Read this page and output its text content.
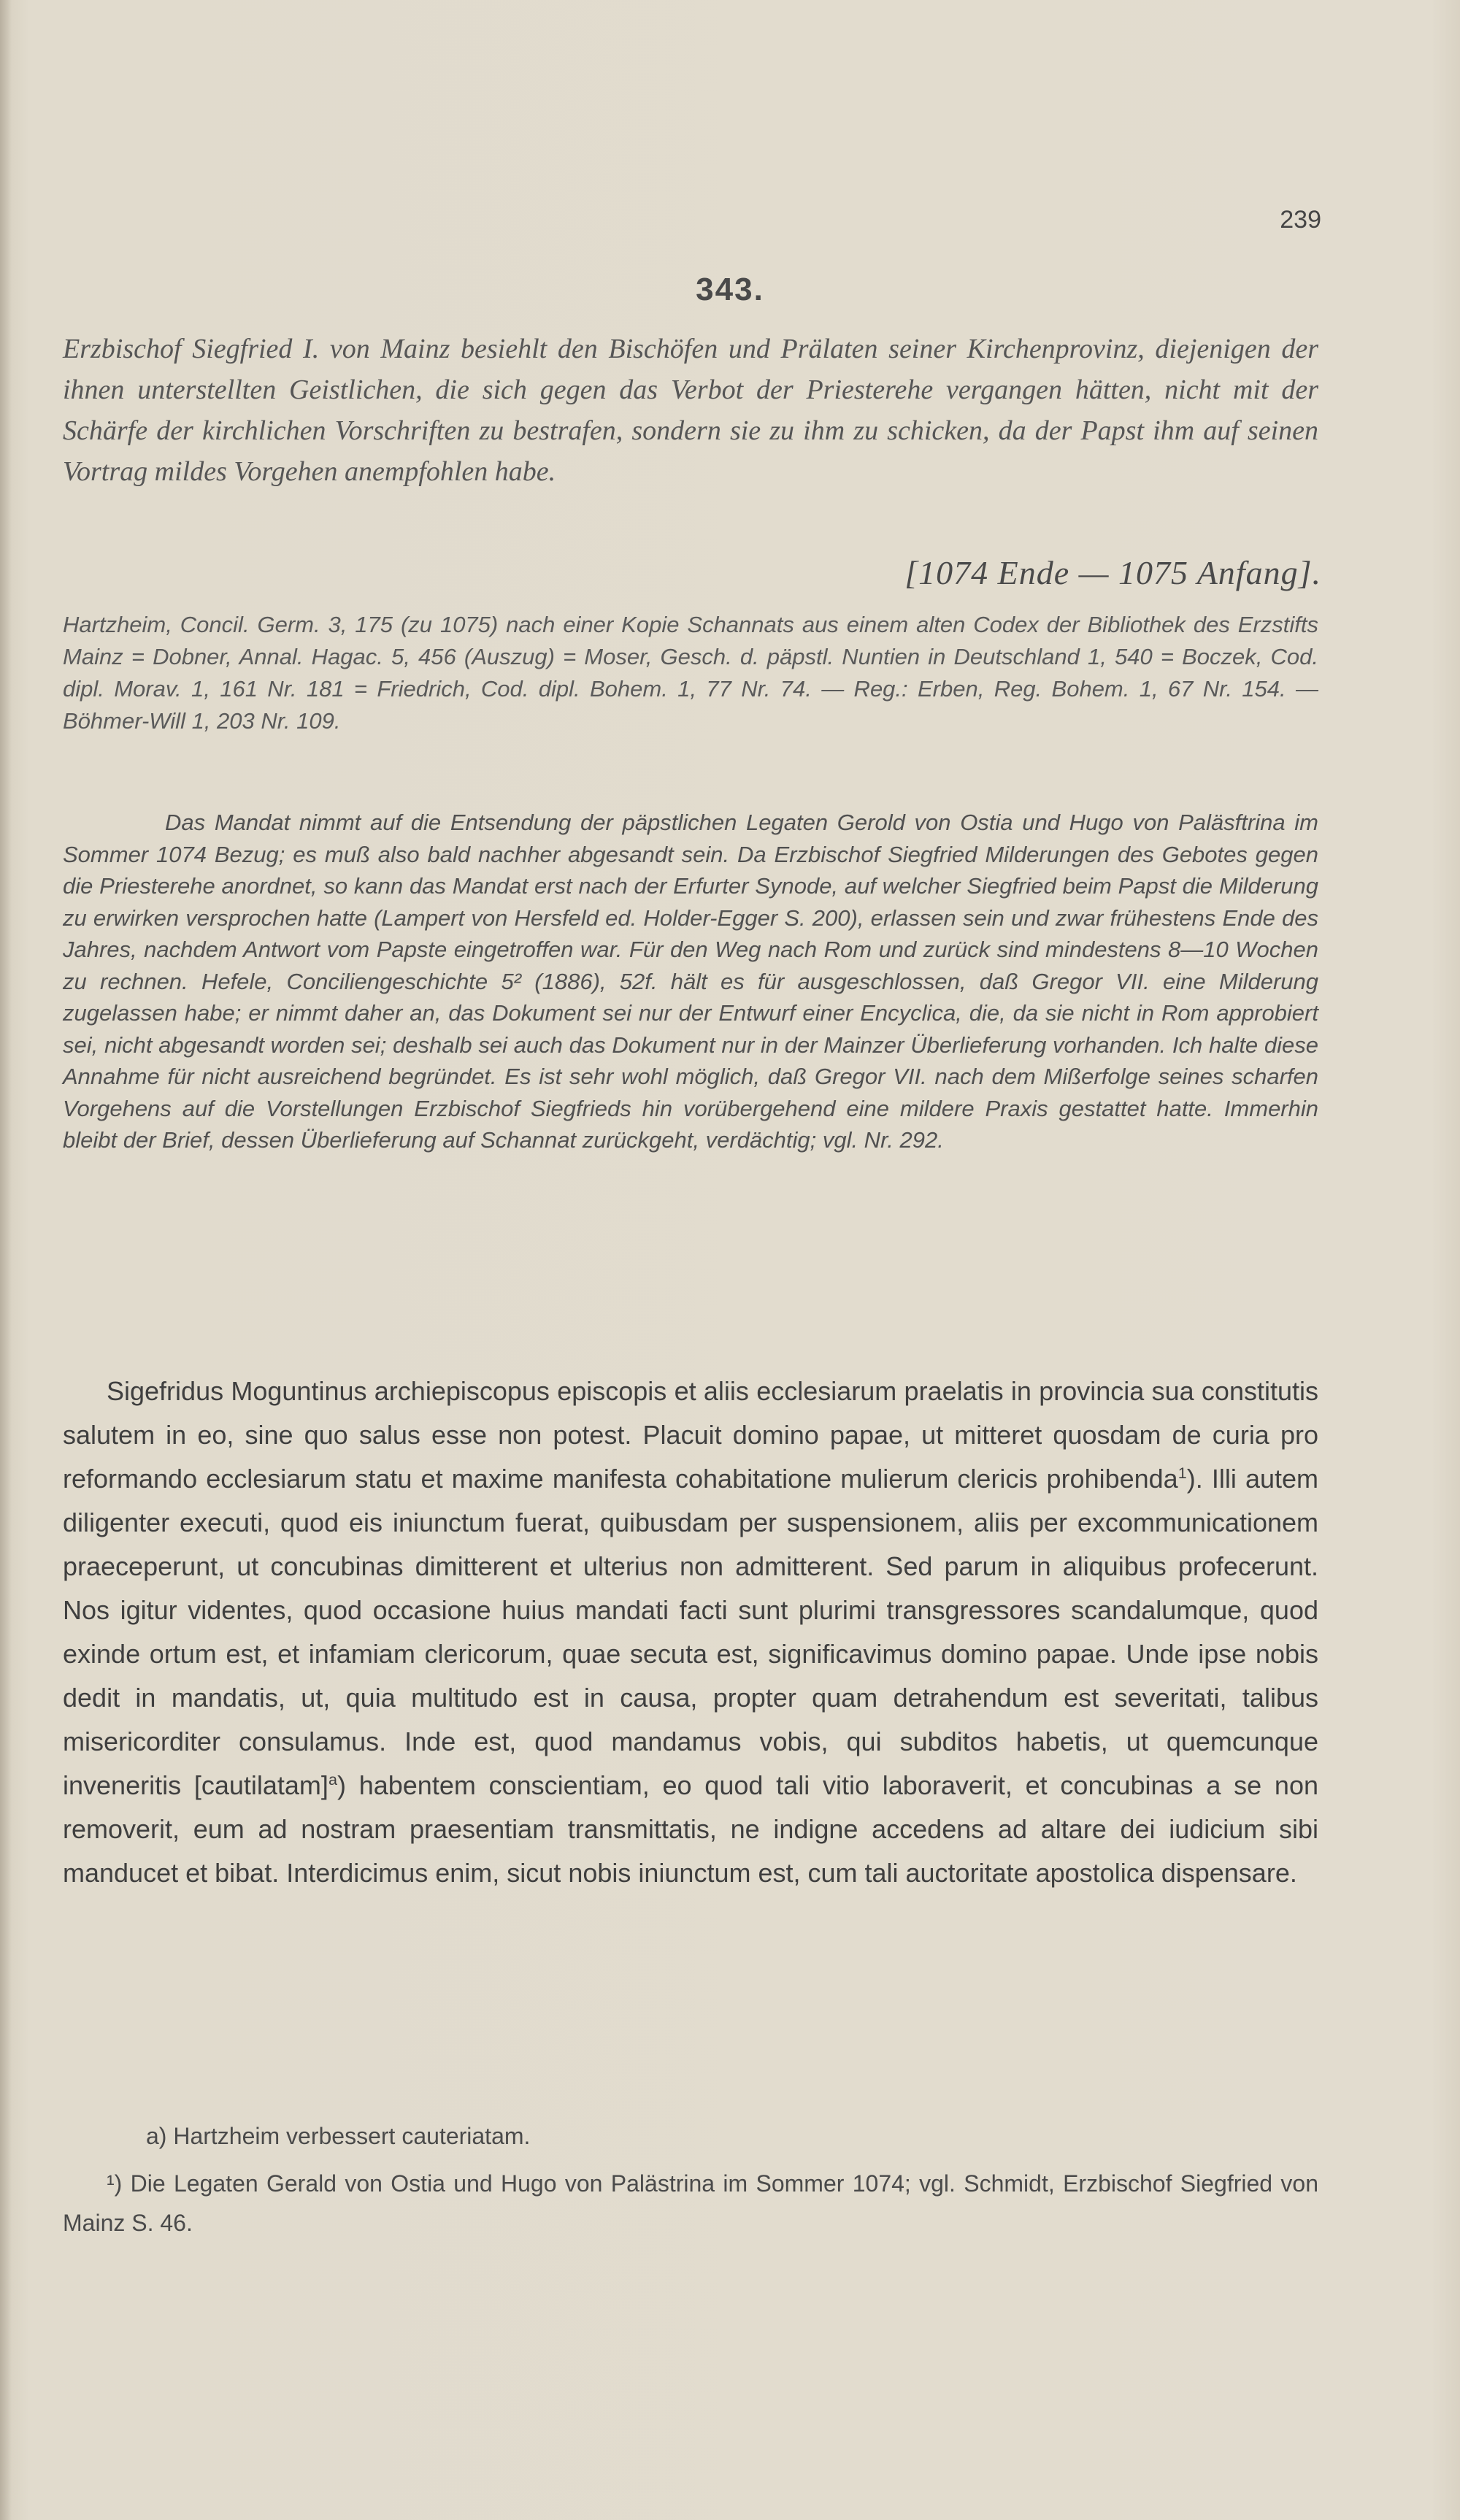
239
343.

Erzbischof Siegfried I. von Mainz besiehlt den Bischöfen und Prälaten seiner Kirchenprovinz, diejenigen der ihnen unterstellten Geistlichen, die sich gegen das Verbot der Priesterehe vergangen hätten, nicht mit der Schärfe der kirchlichen Vorschriften zu bestrafen, sondern sie zu ihm zu schicken, da der Papst ihm auf seinen Vortrag mildes Vorgehen anempfohlen habe.

[1074 Ende — 1075 Anfang].

Hartzheim, Concil. Germ. 3, 175 (zu 1075) nach einer Kopie Schannats aus einem alten Codex der Bibliothek des Erzstifts Mainz = Dobner, Annal. Hagac. 5, 456 (Auszug) = Moser, Gesch. d. päpstl. Nuntien in Deutschland 1, 540 = Boczek, Cod. dipl. Morav. 1, 161 Nr. 181 = Friedrich, Cod. dipl. Bohem. 1, 77 Nr. 74. — Reg.: Erben, Reg. Bohem. 1, 67 Nr. 154. — Böhmer-Will 1, 203 Nr. 109.

Das Mandat nimmt auf die Entsendung der päpstlichen Legaten Gerold von Ostia und Hugo von Paläsftrina im Sommer 1074 Bezug; es muß also bald nachher abgesandt sein. Da Erzbischof Siegfried Milderungen des Gebotes gegen die Priesterehe anordnet, so kann das Mandat erst nach der Erfurter Synode, auf welcher Siegfried beim Papst die Milderung zu erwirken versprochen hatte (Lampert von Hersfeld ed. Holder-Egger S. 200), erlassen sein und zwar frühestens Ende des Jahres, nachdem Antwort vom Papste eingetroffen war. Für den Weg nach Rom und zurück sind mindestens 8—10 Wochen zu rechnen. Hefele, Conciliengeschichte 5² (1886), 52f. hält es für ausgeschlossen, daß Gregor VII. eine Milderung zugelassen habe; er nimmt daher an, das Dokument sei nur der Entwurf einer Encyclica, die, da sie nicht in Rom approbiert sei, nicht abgesandt worden sei; deshalb sei auch das Dokument nur in der Mainzer Überlieferung vorhanden. Ich halte diese Annahme für nicht ausreichend begründet. Es ist sehr wohl möglich, daß Gregor VII. nach dem Mißerfolge seines scharfen Vorgehens auf die Vorstellungen Erzbischof Siegfrieds hin vorübergehend eine mildere Praxis gestattet hatte. Immerhin bleibt der Brief, dessen Überlieferung auf Schannat zurückgeht, verdächtig; vgl. Nr. 292.

Sigefridus Moguntinus archiepiscopus episcopis et aliis ecclesiarum praelatis in provincia sua constitutis salutem in eo, sine quo salus esse non potest. Placuit domino papae, ut mitteret quosdam de curia pro reformando ecclesiarum statu et maxime manifesta cohabitatione mulierum clericis prohibenda$^1$). Illi autem diligenter executi, quod eis iniunctum fuerat, quibusdam per suspensionem, aliis per excommunicationem praeceperunt, ut concubinas dimitterent et ulterius non admitterent. Sed parum in aliquibus profecerunt. Nos igitur videntes, quod occasione huius mandati facti sunt plurimi transgressores scandalumque, quod exinde ortum est, et infamiam clericorum, quae secuta est, significavimus domino papae. Unde ipse nobis dedit in mandatis, ut, quia multitudo est in causa, propter quam detrahendum est severitati, talibus misericorditer consulamus. Inde est, quod mandamus vobis, qui subditos habetis, ut quemcunque inveneritis [cautilatam]$^a$) habentem conscientiam, eo quod tali vitio laboraverit, et concubinas a se non removerit, eum ad nostram praesentiam transmittatis, ne indigne accedens ad altare dei iudicium sibi manducet et bibat. Interdicimus enim, sicut nobis iniunctum est, cum tali auctoritate apostolica dispensare.

a) Hartzheim verbessert cauteriatam.

¹) Die Legaten Gerald von Ostia und Hugo von Palästrina im Sommer 1074; vgl. Schmidt, Erzbischof Siegfried von Mainz S. 46.
